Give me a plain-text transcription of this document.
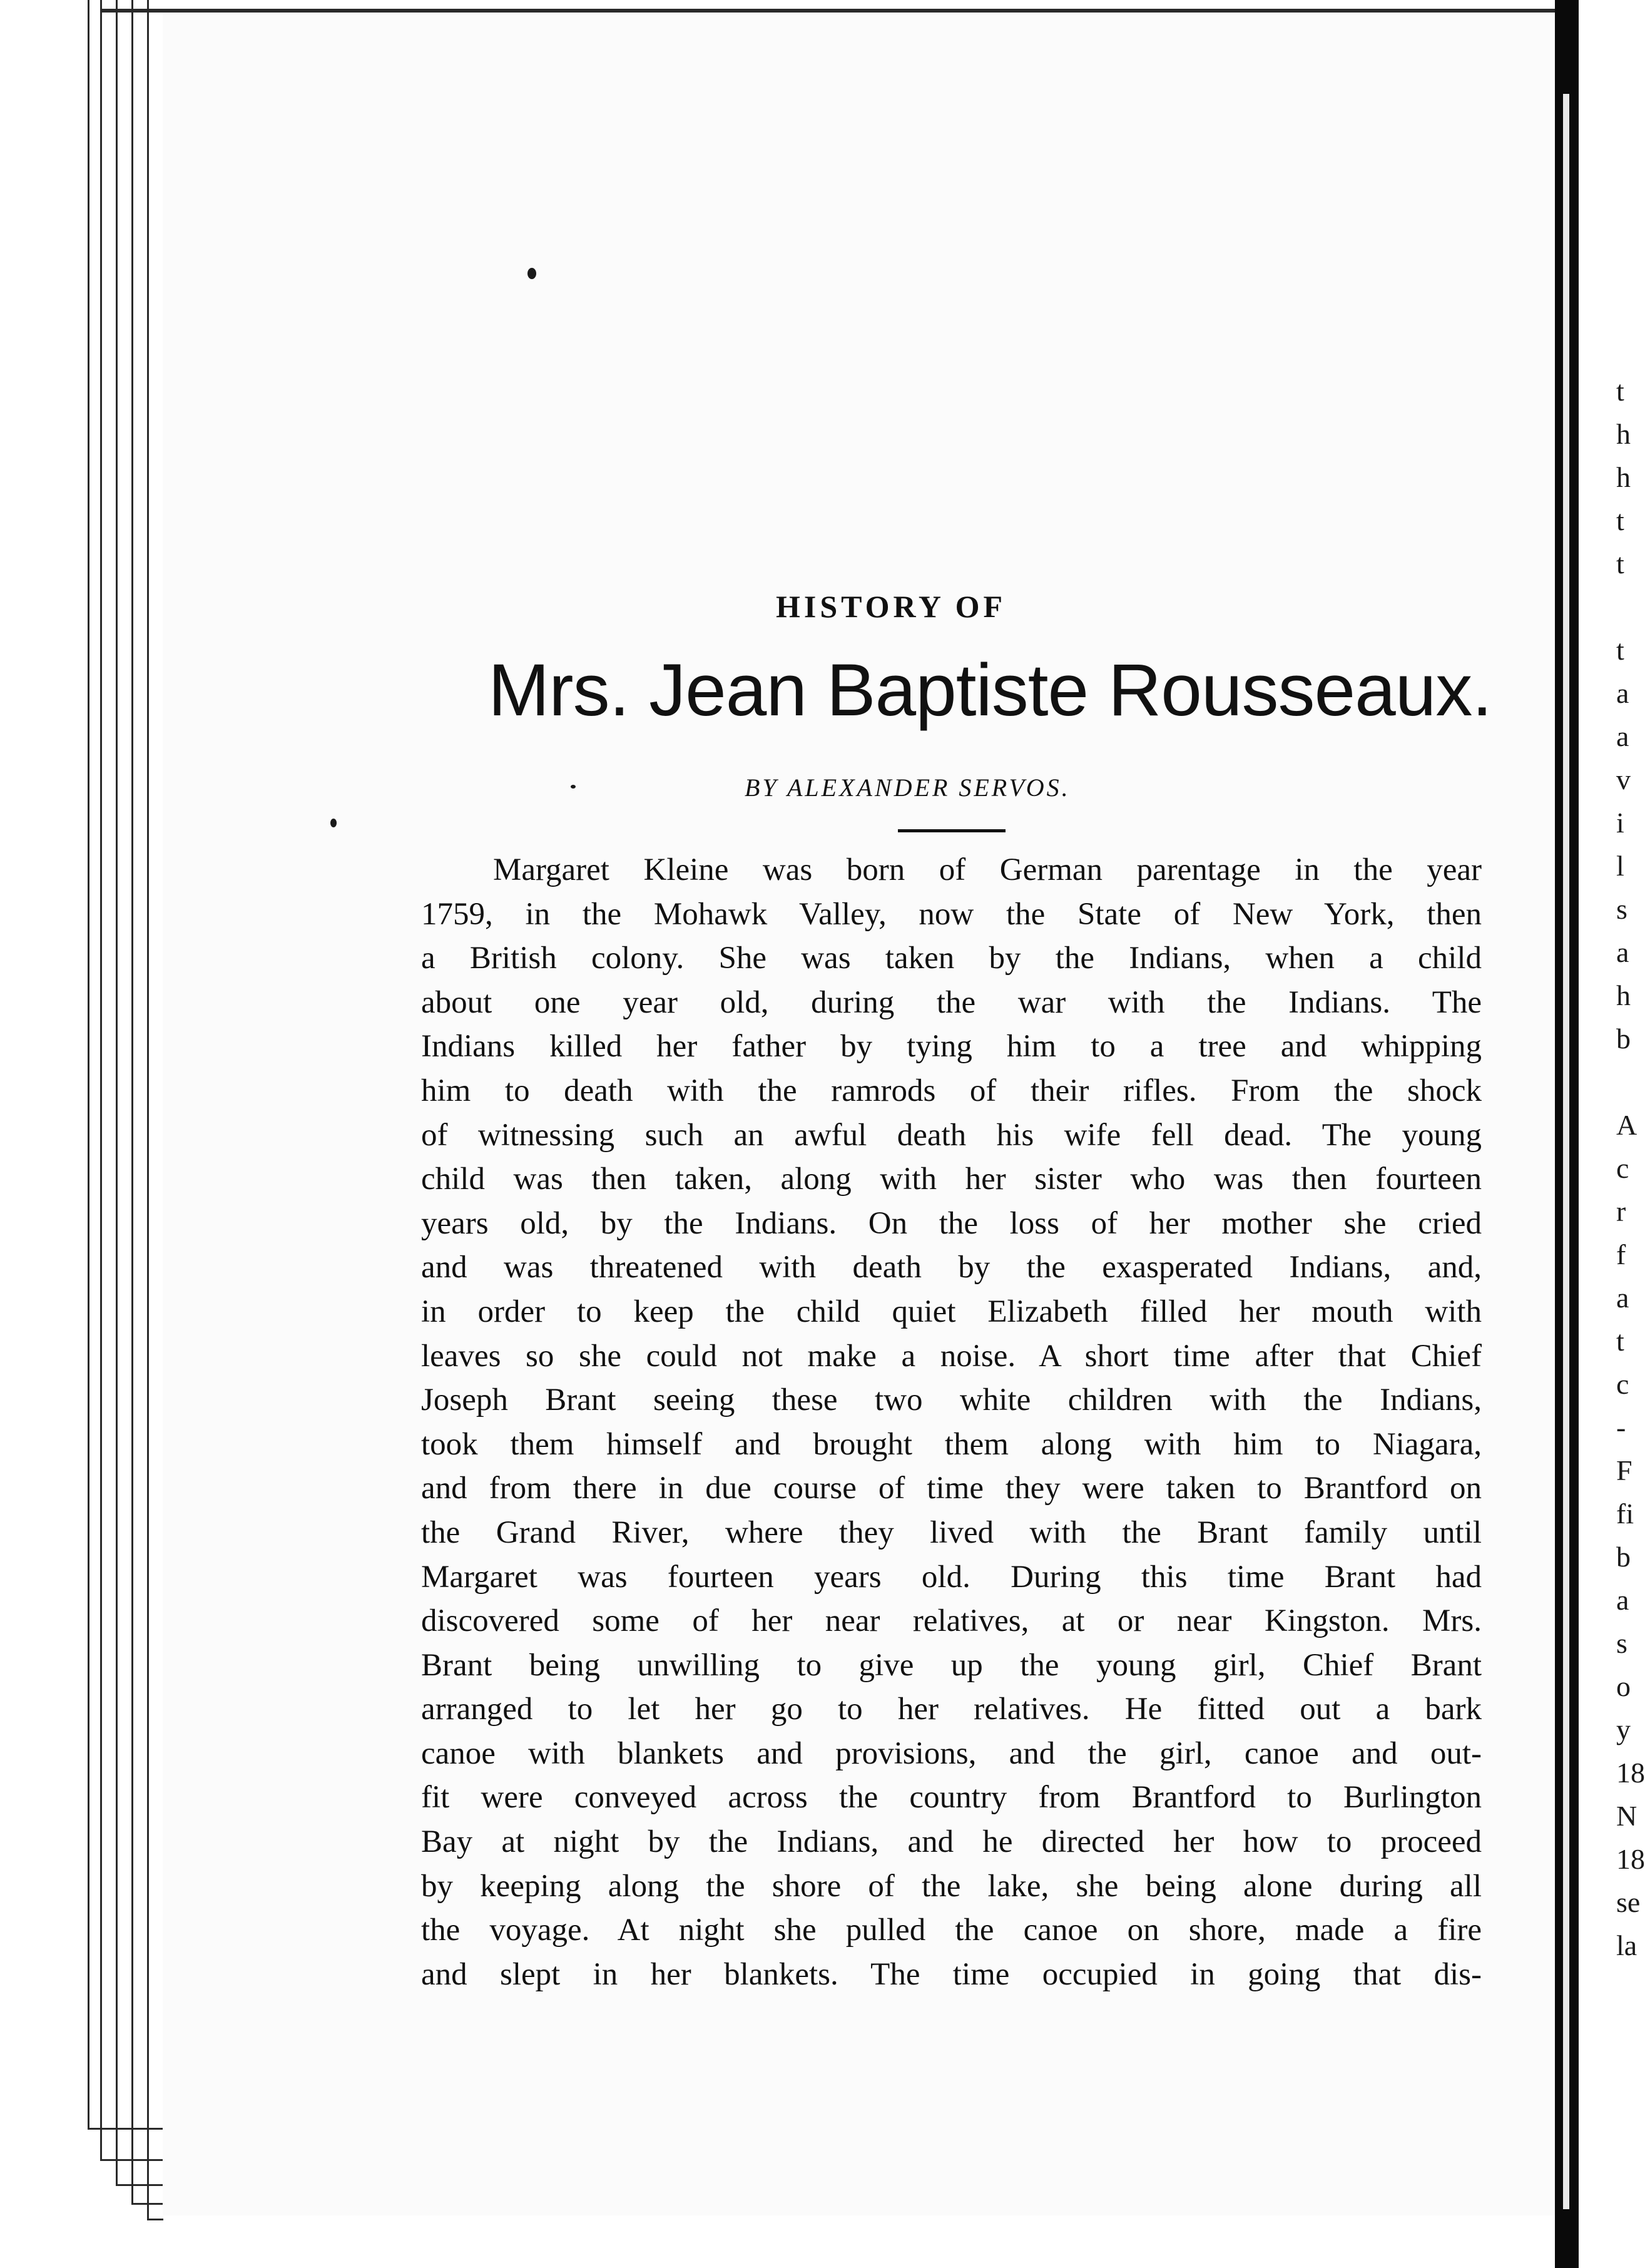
t
h
h
t
t
t
a
a
v
i
l
s
a
h
b
A
c
r
f
a
t
c
-
F
fi
b
a
s
o
y
18
N
18
se
la
HISTORY OF
Mrs. Jean Baptiste Rousseaux.
BY ALEXANDER SERVOS.
Margaret Kleine was born of German parentage in the year
1759, in the Mohawk Valley, now the State of New York, then
a British colony. She was taken by the Indians, when a child
about one year old, during the war with the Indians. The
Indians killed her father by tying him to a tree and whipping
him to death with the ramrods of their rifles. From the shock
of witnessing such an awful death his wife fell dead. The young
child was then taken, along with her sister who was then fourteen
years old, by the Indians. On the loss of her mother she cried
and was threatened with death by the exasperated Indians, and,
in order to keep the child quiet Elizabeth filled her mouth with
leaves so she could not make a noise. A short time after that Chief
Joseph Brant seeing these two white children with the Indians,
took them himself and brought them along with him to Niagara,
and from there in due course of time they were taken to Brantford on
the Grand River, where they lived with the Brant family until
Margaret was fourteen years old. During this time Brant had
discovered some of her near relatives, at or near Kingston. Mrs.
Brant being unwilling to give up the young girl, Chief Brant
arranged to let her go to her relatives. He fitted out a bark
canoe with blankets and provisions, and the girl, canoe and out-
fit were conveyed across the country from Brantford to Burlington
Bay at night by the Indians, and he directed her how to proceed
by keeping along the shore of the lake, she being alone during all
the voyage. At night she pulled the canoe on shore, made a fire
and slept in her blankets. The time occupied in going that dis-
